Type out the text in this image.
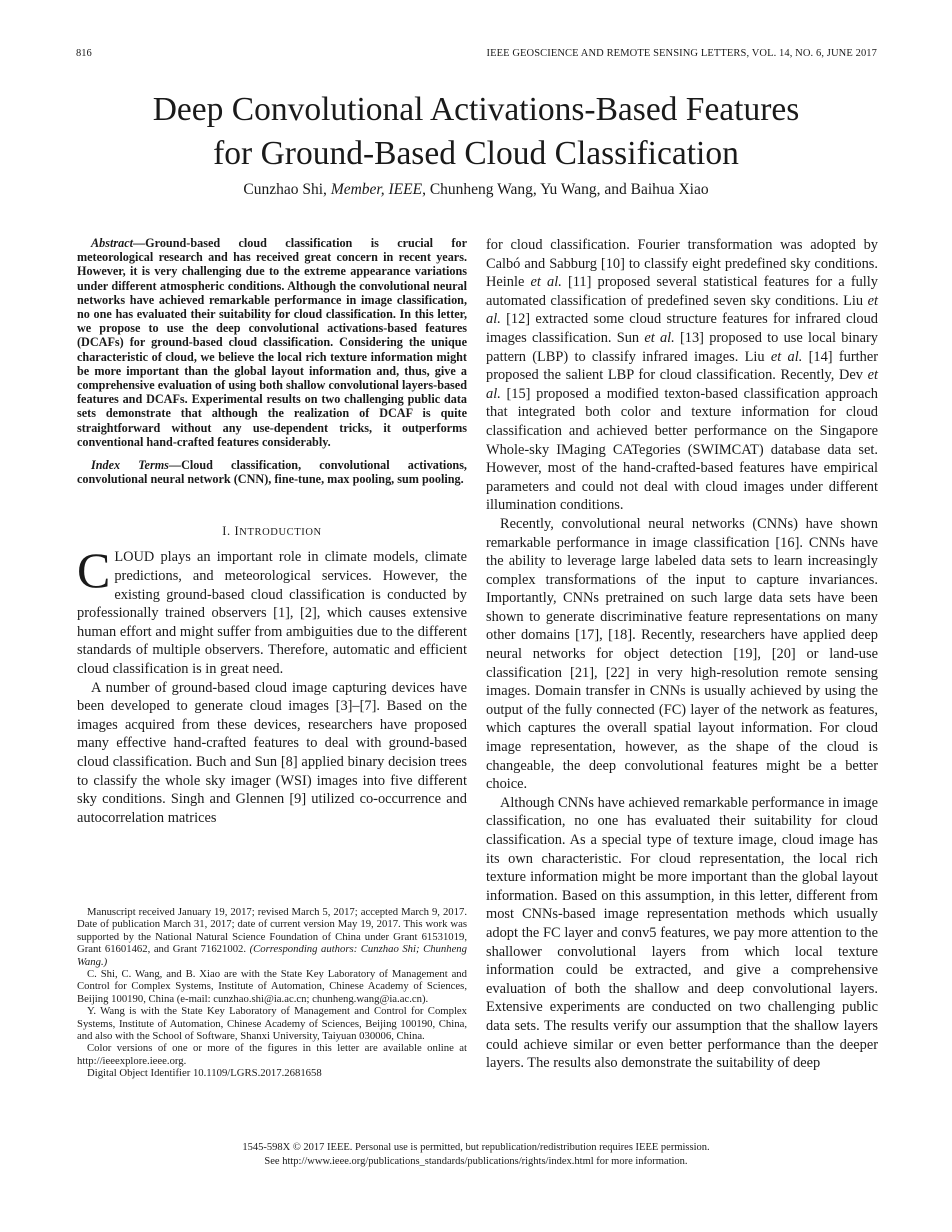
816	IEEE GEOSCIENCE AND REMOTE SENSING LETTERS, VOL. 14, NO. 6, JUNE 2017
Deep Convolutional Activations-Based Features
for Ground-Based Cloud Classification
Cunzhao Shi, Member, IEEE, Chunheng Wang, Yu Wang, and Baihua Xiao

Abstract—Ground-based cloud classification is crucial for meteorological research and has received great concern in recent years. However, it is very challenging due to the extreme appearance variations under different atmospheric conditions. Although the convolutional neural networks have achieved remarkable performance in image classification, no one has evaluated their suitability for cloud classification. In this letter, we propose to use the deep convolutional activations-based features (DCAFs) for ground-based cloud classification. Considering the unique characteristic of cloud, we believe the local rich texture information might be more important than the global layout information and, thus, give a comprehensive evaluation of using both shallow convolutional layers-based features and DCAFs. Experimental results on two challenging public data sets demonstrate that although the realization of DCAF is quite straightforward without any use-dependent tricks, it outperforms conventional hand-crafted features considerably.

Index Terms—Cloud classification, convolutional activations, convolutional neural network (CNN), fine-tune, max pooling, sum pooling.

I. INTRODUCTION

CLOUD plays an important role in climate models, climate predictions, and meteorological services. However, the existing ground-based cloud classification is conducted by professionally trained observers [1], [2], which causes extensive human effort and might suffer from ambiguities due to the different standards of multiple observers. Therefore, automatic and efficient cloud classification is in great need.

A number of ground-based cloud image capturing devices have been developed to generate cloud images [3]–[7]. Based on the images acquired from these devices, researchers have proposed many effective hand-crafted features to deal with ground-based cloud classification. Buch and Sun [8] applied binary decision trees to classify the whole sky imager (WSI) images into five different sky conditions. Singh and Glennen [9] utilized co-occurrence and autocorrelation matrices

Manuscript received January 19, 2017; revised March 5, 2017; accepted March 9, 2017. Date of publication March 31, 2017; date of current version May 19, 2017. This work was supported by the National Natural Science Foundation of China under Grant 61531019, Grant 61601462, and Grant 71621002. (Corresponding authors: Cunzhao Shi; Chunheng Wang.)

C. Shi, C. Wang, and B. Xiao are with the State Key Laboratory of Management and Control for Complex Systems, Institute of Automation, Chinese Academy of Sciences, Beijing 100190, China (e-mail: cunzhao.shi@ia.ac.cn; chunheng.wang@ia.ac.cn).

Y. Wang is with the State Key Laboratory of Management and Control for Complex Systems, Institute of Automation, Chinese Academy of Sciences, Beijing 100190, China, and also with the School of Software, Shanxi University, Taiyuan 030006, China.

Color versions of one or more of the figures in this letter are available online at http://ieeexplore.ieee.org.

Digital Object Identifier 10.1109/LGRS.2017.2681658

for cloud classification. Fourier transformation was adopted by Calbó and Sabburg [10] to classify eight predefined sky conditions. Heinle et al. [11] proposed several statistical features for a fully automated classification of predefined seven sky conditions. Liu et al. [12] extracted some cloud structure features for infrared cloud images classification. Sun et al. [13] proposed to use local binary pattern (LBP) to classify infrared images. Liu et al. [14] further proposed the salient LBP for cloud classification. Recently, Dev et al. [15] proposed a modified texton-based classification approach that integrated both color and texture information for cloud classification and achieved better performance on the Singapore Whole-sky IMaging CATegories (SWIMCAT) database data set. However, most of the hand-crafted-based features have empirical parameters and could not deal with cloud images under different illumination conditions.

Recently, convolutional neural networks (CNNs) have shown remarkable performance in image classification [16]. CNNs have the ability to leverage large labeled data sets to learn increasingly complex transformations of the input to capture invariances. Importantly, CNNs pretrained on such large data sets have been shown to generate discriminative feature representations on many other domains [17], [18]. Recently, researchers have applied deep neural networks for object detection [19], [20] or land-use classification [21], [22] in very high-resolution remote sensing images. Domain transfer in CNNs is usually achieved by using the output of the fully connected (FC) layer of the network as features, which captures the overall spatial layout information. For cloud image representation, however, as the shape of the cloud is changeable, the deep convolutional features might be a better choice.

Although CNNs have achieved remarkable performance in image classification, no one has evaluated their suitability for cloud classification. As a special type of texture image, cloud image has its own characteristic. For cloud representation, the local rich texture information might be more important than the global layout information. Based on this assumption, in this letter, different from most CNNs-based image representation methods which usually adopt the FC layer and conv5 features, we pay more attention to the shallower convolutional layers from which local texture information could be extracted, and give a comprehensive evaluation of both the shallow and deep convolutional layers. Extensive experiments are conducted on two challenging public data sets. The results verify our assumption that the shallow layers could achieve similar or even better performance than the deeper layers. The results also demonstrate the suitability of deep

1545-598X © 2017 IEEE. Personal use is permitted, but republication/redistribution requires IEEE permission.
See http://www.ieee.org/publications_standards/publications/rights/index.html for more information.
